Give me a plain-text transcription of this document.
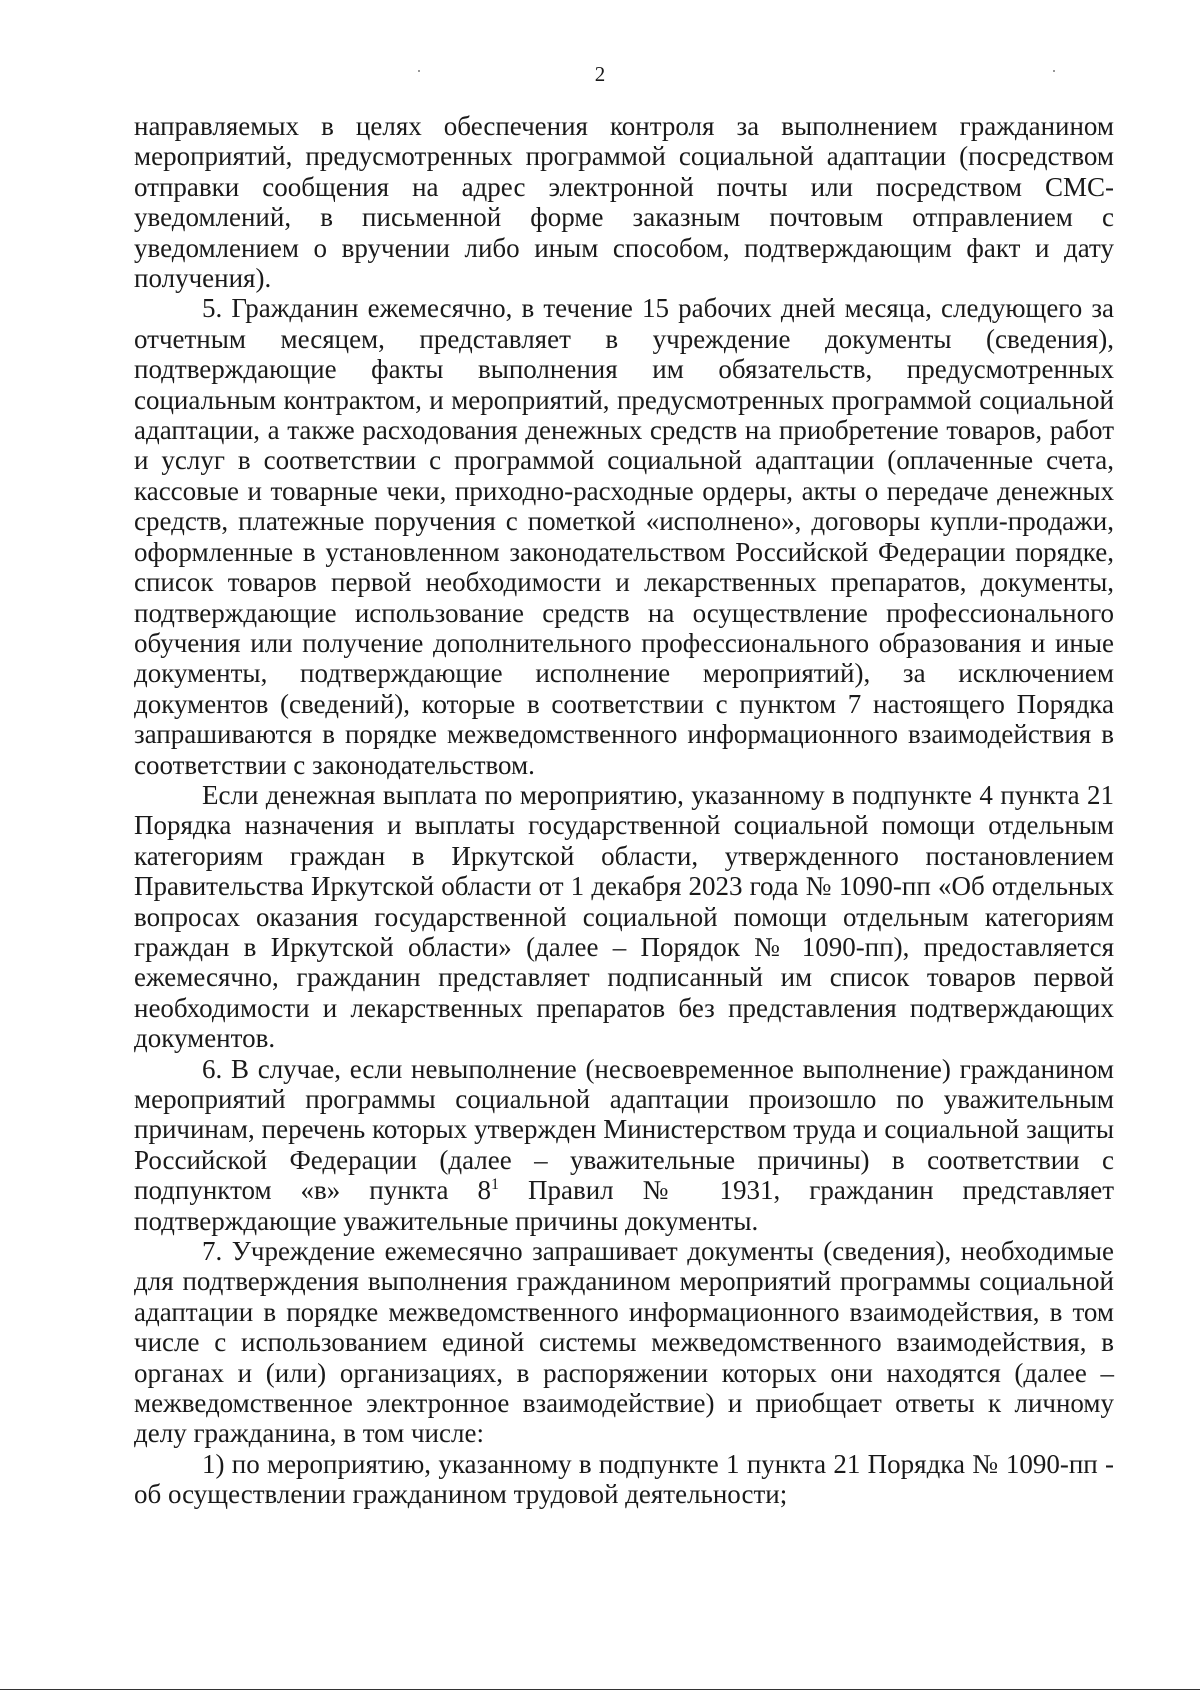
2

направляемых в целях обеспечения контроля за выполнением гражданином мероприятий, предусмотренных программой социальной адаптации (посредством отправки сообщения на адрес электронной почты или посредством СМС-уведомлений, в письменной форме заказным почтовым отправлением с уведомлением о вручении либо иным способом, подтверждающим факт и дату получения).

5. Гражданин ежемесячно, в течение 15 рабочих дней месяца, следующего за отчетным месяцем, представляет в учреждение документы (сведения), подтверждающие факты выполнения им обязательств, предусмотренных социальным контрактом, и мероприятий, предусмотренных программой социальной адаптации, а также расходования денежных средств на приобретение товаров, работ и услуг в соответствии с программой социальной адаптации (оплаченные счета, кассовые и товарные чеки, приходно-расходные ордеры, акты о передаче денежных средств, платежные поручения с пометкой «исполнено», договоры купли-продажи, оформленные в установленном законодательством Российской Федерации порядке, список товаров первой необходимости и лекарственных препаратов, документы, подтверждающие использование средств на осуществление профессионального обучения или получение дополнительного профессионального образования и иные документы, подтверждающие исполнение мероприятий), за исключением документов (сведений), которые в соответствии с пунктом 7 настоящего Порядка запрашиваются в порядке межведомственного информационного взаимодействия в соответствии с законодательством.

Если денежная выплата по мероприятию, указанному в подпункте 4 пункта 21 Порядка назначения и выплаты государственной социальной помощи отдельным категориям граждан в Иркутской области, утвержденного постановлением Правительства Иркутской области от 1 декабря 2023 года № 1090-пп «Об отдельных вопросах оказания государственной социальной помощи отдельным категориям граждан в Иркутской области» (далее – Порядок № 1090-пп), предоставляется ежемесячно, гражданин представляет подписанный им список товаров первой необходимости и лекарственных препаратов без представления подтверждающих документов.

6. В случае, если невыполнение (несвоевременное выполнение) гражданином мероприятий программы социальной адаптации произошло по уважительным причинам, перечень которых утвержден Министерством труда и социальной защиты Российской Федерации (далее – уважительные причины) в соответствии с подпунктом «в» пункта $8^1$ Правил № 1931, гражданин представляет подтверждающие уважительные причины документы.

7. Учреждение ежемесячно запрашивает документы (сведения), необходимые для подтверждения выполнения гражданином мероприятий программы социальной адаптации в порядке межведомственного информационного взаимодействия, в том числе с использованием единой системы межведомственного взаимодействия, в органах и (или) организациях, в распоряжении которых они находятся (далее – межведомственное электронное взаимодействие) и приобщает ответы к личному делу гражданина, в том числе:

1) по мероприятию, указанному в подпункте 1 пункта 21 Порядка № 1090-пп - об осуществлении гражданином трудовой деятельности;
